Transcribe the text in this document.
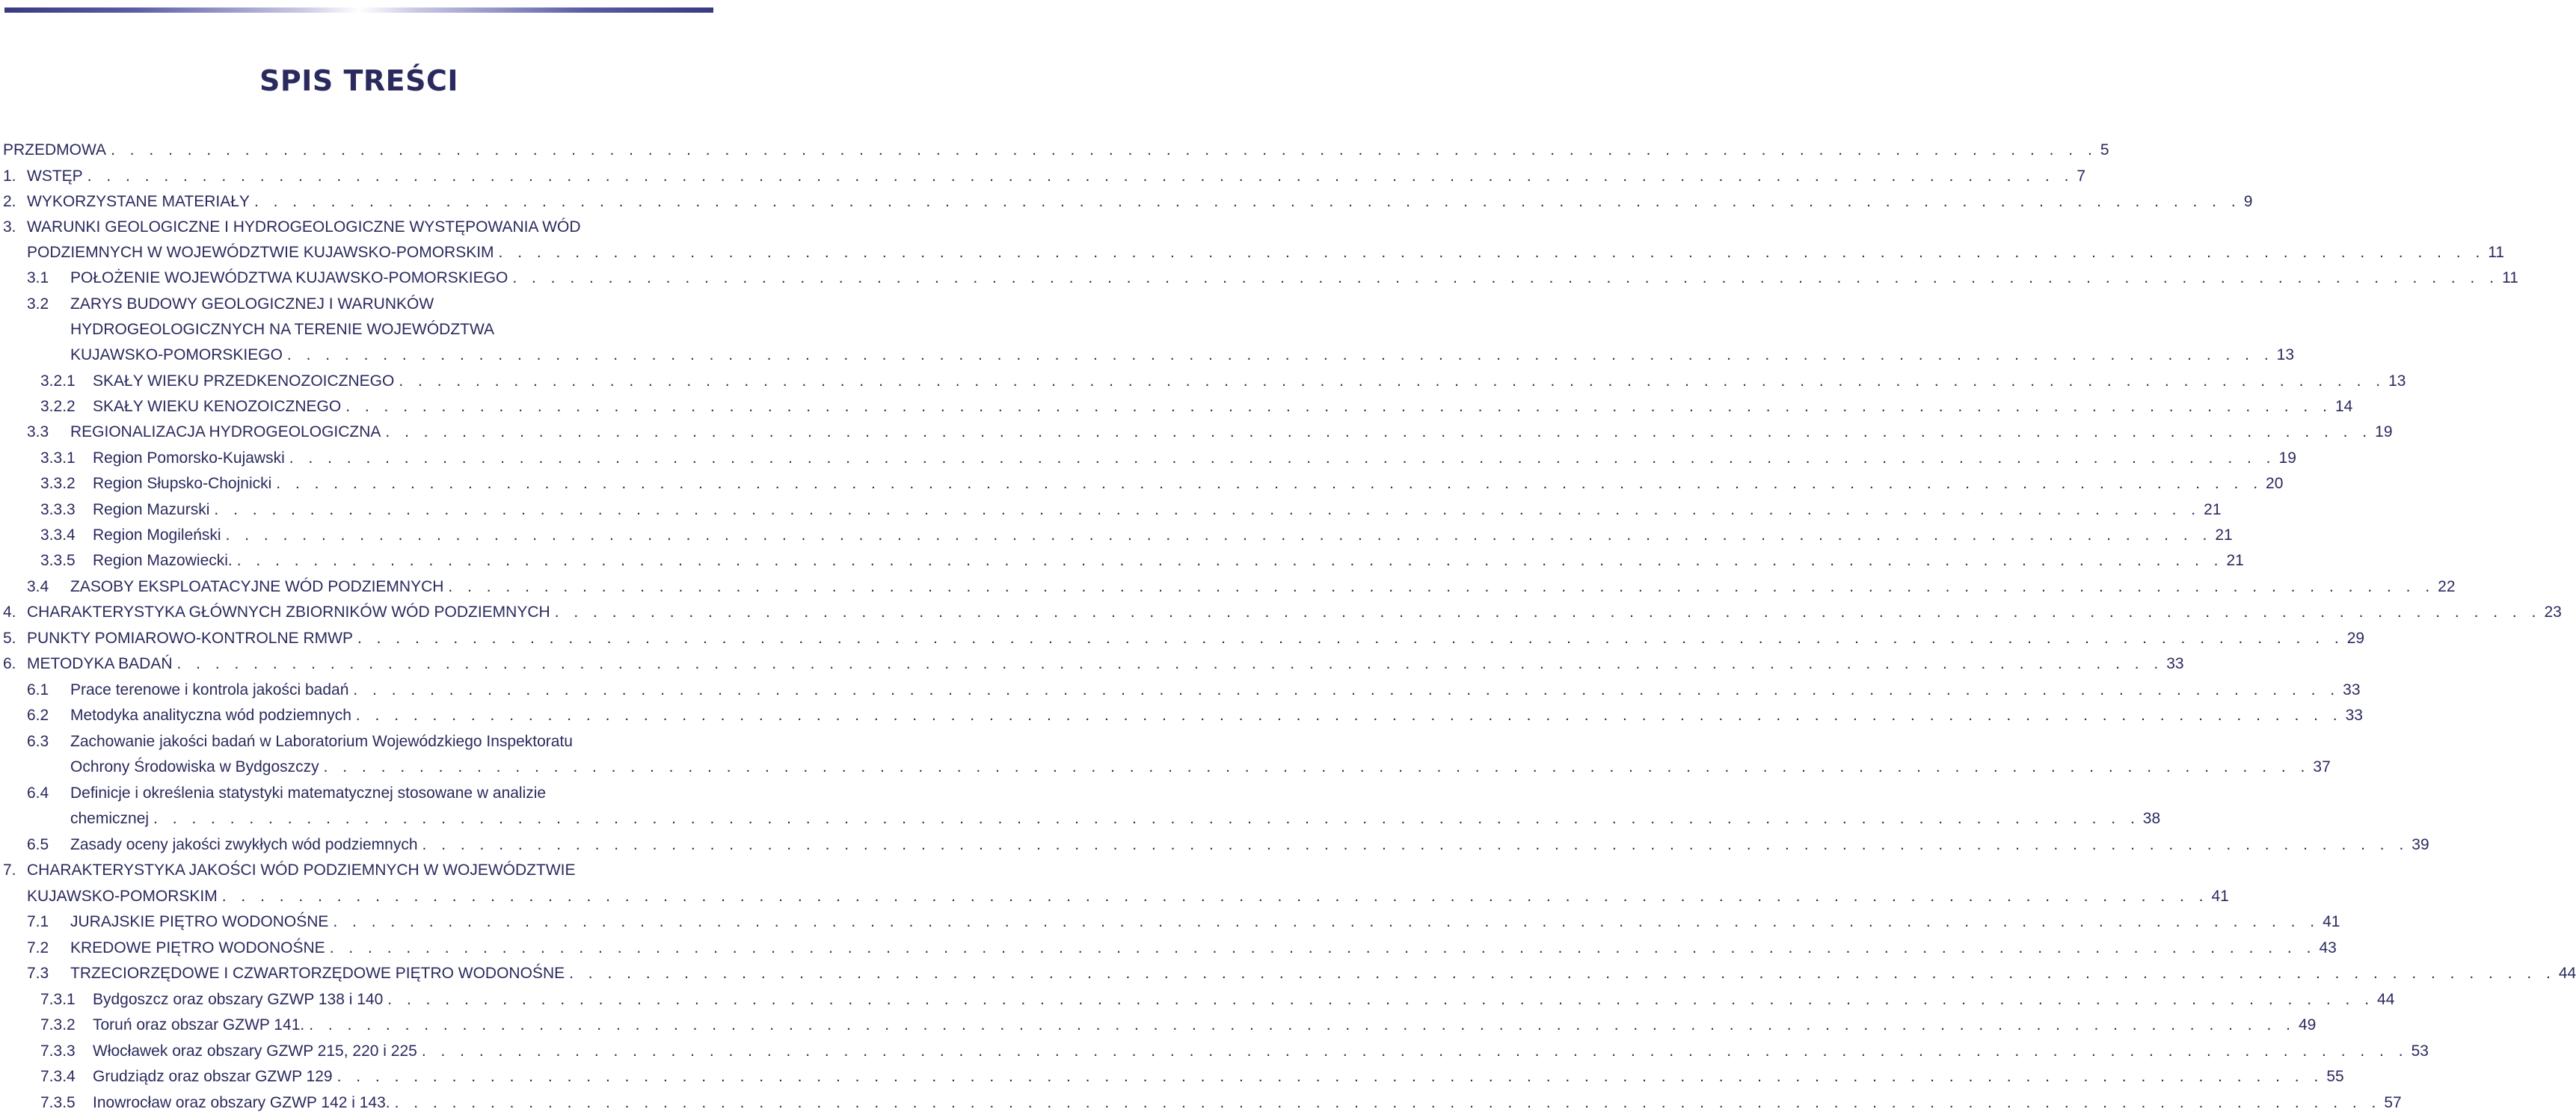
SPIS TREŚCI
PRZEDMOWA . . . . . . . . . . . . . . . . . . . . . . . . . . . . . . . . . . . . . . . . . . . . . . . . . . . . . . . . . . . . . . . . . . . . . . . . . . . . . . . . . . . . . . . . . . . . . . . . . . . . . . . . 5
1. WSTĘP . . . . . . . . . . . . . . . . . . . . . . . . . . . . . . . . . . . . . . . . . . . . . . . . . . . . . . . . . . . . . . . . . . . . . . . . . . . . . . . . . . . . . . . . . . . . . . . . . . . . . . . . 7
2. WYKORZYSTANE MATERIAŁY . . . . . . . . . . . . . . . . . . . . . . . . . . . . . . . . . . . . . . . . . . . . . . . . . . . . . . . . . . . . . . . . . . . . . . . . . . . . . . . . . . . . . . . . . . . . . . . . . . . . . . . . 9
3. WARUNKI GEOLOGICZNE I HYDROGEOLOGICZNE WYSTĘPOWANIA WÓD
PODZIEMNYCH W WOJEWÓDZTWIE KUJAWSKO-POMORSKIM . . . . . . . . . . . . . . . . . . . . . . . . . . . . . . . . . . . . . . . . . . . . . . . . . . . . . . . . . . . . . . . . . . . . . . . . . . . . . . . . . . . . . . . . . . . . . . . . . . . . . . . . 11
3.1	POŁOŻENIE WOJEWÓDZTWA KUJAWSKO-POMORSKIEGO . . . . . . . . . . . . . . . . . . . . . . . . . . . . . . . . . . . . . . . . . . . . . . . . . . . . . . . . . . . . . . . . . . . . . . . . . . . . . . . . . . . . . . . . . . . . . . . . . . . . . . . . 11
3.2	ZARYS BUDOWY GEOLOGICZNEJ I WARUNKÓW
HYDROGEOLOGICZNYCH NA TERENIE WOJEWÓDZTWA
KUJAWSKO-POMORSKIEGO . . . . . . . . . . . . . . . . . . . . . . . . . . . . . . . . . . . . . . . . . . . . . . . . . . . . . . . . . . . . . . . . . . . . . . . . . . . . . . . . . . . . . . . . . . . . . . . . . . . . . . . . 13
3.2.1	SKAŁY WIEKU PRZEDKENOZOICZNEGO . . . . . . . . . . . . . . . . . . . . . . . . . . . . . . . . . . . . . . . . . . . . . . . . . . . . . . . . . . . . . . . . . . . . . . . . . . . . . . . . . . . . . . . . . . . . . . . . . . . . . . . . 13
3.2.2	SKAŁY WIEKU KENOZOICZNEGO . . . . . . . . . . . . . . . . . . . . . . . . . . . . . . . . . . . . . . . . . . . . . . . . . . . . . . . . . . . . . . . . . . . . . . . . . . . . . . . . . . . . . . . . . . . . . . . . . . . . . . . . 14
3.3	REGIONALIZACJA HYDROGEOLOGICZNA . . . . . . . . . . . . . . . . . . . . . . . . . . . . . . . . . . . . . . . . . . . . . . . . . . . . . . . . . . . . . . . . . . . . . . . . . . . . . . . . . . . . . . . . . . . . . . . . . . . . . . . . 19
3.3.1	Region Pomorsko-Kujawski . . . . . . . . . . . . . . . . . . . . . . . . . . . . . . . . . . . . . . . . . . . . . . . . . . . . . . . . . . . . . . . . . . . . . . . . . . . . . . . . . . . . . . . . . . . . . . . . . . . . . . . . 19
3.3.2	Region Słupsko-Chojnicki . . . . . . . . . . . . . . . . . . . . . . . . . . . . . . . . . . . . . . . . . . . . . . . . . . . . . . . . . . . . . . . . . . . . . . . . . . . . . . . . . . . . . . . . . . . . . . . . . . . . . . . . 20
3.3.3	Region Mazurski . . . . . . . . . . . . . . . . . . . . . . . . . . . . . . . . . . . . . . . . . . . . . . . . . . . . . . . . . . . . . . . . . . . . . . . . . . . . . . . . . . . . . . . . . . . . . . . . . . . . . . . . 21
3.3.4	Region Mogileński . . . . . . . . . . . . . . . . . . . . . . . . . . . . . . . . . . . . . . . . . . . . . . . . . . . . . . . . . . . . . . . . . . . . . . . . . . . . . . . . . . . . . . . . . . . . . . . . . . . . . . . . 21
3.3.5	Region Mazowiecki. . . . . . . . . . . . . . . . . . . . . . . . . . . . . . . . . . . . . . . . . . . . . . . . . . . . . . . . . . . . . . . . . . . . . . . . . . . . . . . . . . . . . . . . . . . . . . . . . . . . . . . . . 21
3.4	ZASOBY EKSPLOATACYJNE WÓD PODZIEMNYCH . . . . . . . . . . . . . . . . . . . . . . . . . . . . . . . . . . . . . . . . . . . . . . . . . . . . . . . . . . . . . . . . . . . . . . . . . . . . . . . . . . . . . . . . . . . . . . . . . . . . . . . . 22
4. CHARAKTERYSTYKA GŁÓWNYCH ZBIORNIKÓW WÓD PODZIEMNYCH . . . . . . . . . . . . . . . . . . . . . . . . . . . . . . . . . . . . . . . . . . . . . . . . . . . . . . . . . . . . . . . . . . . . . . . . . . . . . . . . . . . . . . . . . . . . . . . . . . . . . . . . 23
5. PUNKTY POMIAROWO-KONTROLNE RMWP . . . . . . . . . . . . . . . . . . . . . . . . . . . . . . . . . . . . . . . . . . . . . . . . . . . . . . . . . . . . . . . . . . . . . . . . . . . . . . . . . . . . . . . . . . . . . . . . . . . . . . . . 29
6. METODYKA BADAŃ . . . . . . . . . . . . . . . . . . . . . . . . . . . . . . . . . . . . . . . . . . . . . . . . . . . . . . . . . . . . . . . . . . . . . . . . . . . . . . . . . . . . . . . . . . . . . . . . . . . . . . . . 33
6.1	Prace terenowe i kontrola jakości badań . . . . . . . . . . . . . . . . . . . . . . . . . . . . . . . . . . . . . . . . . . . . . . . . . . . . . . . . . . . . . . . . . . . . . . . . . . . . . . . . . . . . . . . . . . . . . . . . . . . . . . . . 33
6.2	Metodyka analityczna wód podziemnych . . . . . . . . . . . . . . . . . . . . . . . . . . . . . . . . . . . . . . . . . . . . . . . . . . . . . . . . . . . . . . . . . . . . . . . . . . . . . . . . . . . . . . . . . . . . . . . . . . . . . . . . 33
6.3	Zachowanie jakości badań w Laboratorium Wojewódzkiego Inspektoratu
Ochrony Środowiska w Bydgoszczy . . . . . . . . . . . . . . . . . . . . . . . . . . . . . . . . . . . . . . . . . . . . . . . . . . . . . . . . . . . . . . . . . . . . . . . . . . . . . . . . . . . . . . . . . . . . . . . . . . . . . . . . 37
6.4	Definicje i określenia statystyki matematycznej stosowane w analizie
chemicznej . . . . . . . . . . . . . . . . . . . . . . . . . . . . . . . . . . . . . . . . . . . . . . . . . . . . . . . . . . . . . . . . . . . . . . . . . . . . . . . . . . . . . . . . . . . . . . . . . . . . . . . . 38
6.5	Zasady oceny jakości zwykłych wód podziemnych . . . . . . . . . . . . . . . . . . . . . . . . . . . . . . . . . . . . . . . . . . . . . . . . . . . . . . . . . . . . . . . . . . . . . . . . . . . . . . . . . . . . . . . . . . . . . . . . . . . . . . . . 39
7. CHARAKTERYSTYKA JAKOŚCI WÓD PODZIEMNYCH W WOJEWÓDZTWIE
KUJAWSKO-POMORSKIM . . . . . . . . . . . . . . . . . . . . . . . . . . . . . . . . . . . . . . . . . . . . . . . . . . . . . . . . . . . . . . . . . . . . . . . . . . . . . . . . . . . . . . . . . . . . . . . . . . . . . . . . 41
7.1	JURAJSKIE PIĘTRO WODONOŚNE . . . . . . . . . . . . . . . . . . . . . . . . . . . . . . . . . . . . . . . . . . . . . . . . . . . . . . . . . . . . . . . . . . . . . . . . . . . . . . . . . . . . . . . . . . . . . . . . . . . . . . . . 41
7.2	KREDOWE PIĘTRO WODONOŚNE . . . . . . . . . . . . . . . . . . . . . . . . . . . . . . . . . . . . . . . . . . . . . . . . . . . . . . . . . . . . . . . . . . . . . . . . . . . . . . . . . . . . . . . . . . . . . . . . . . . . . . . . 43
7.3	TRZECIORZĘDOWE I CZWARTORZĘDOWE PIĘTRO WODONOŚNE . . . . . . . . . . . . . . . . . . . . . . . . . . . . . . . . . . . . . . . . . . . . . . . . . . . . . . . . . . . . . . . . . . . . . . . . . . . . . . . . . . . . . . . . . . . . . . . . . . . . . . . . 44
7.3.1	Bydgoszcz oraz obszary GZWP 138 i 140 . . . . . . . . . . . . . . . . . . . . . . . . . . . . . . . . . . . . . . . . . . . . . . . . . . . . . . . . . . . . . . . . . . . . . . . . . . . . . . . . . . . . . . . . . . . . . . . . . . . . . . . . 44
7.3.2	Toruń oraz obszar GZWP 141. . . . . . . . . . . . . . . . . . . . . . . . . . . . . . . . . . . . . . . . . . . . . . . . . . . . . . . . . . . . . . . . . . . . . . . . . . . . . . . . . . . . . . . . . . . . . . . . . . . . . . . . . 49
7.3.3	Włocławek oraz obszary GZWP 215, 220 i 225 . . . . . . . . . . . . . . . . . . . . . . . . . . . . . . . . . . . . . . . . . . . . . . . . . . . . . . . . . . . . . . . . . . . . . . . . . . . . . . . . . . . . . . . . . . . . . . . . . . . . . . . . 53
7.3.4	Grudziądz oraz obszar GZWP 129 . . . . . . . . . . . . . . . . . . . . . . . . . . . . . . . . . . . . . . . . . . . . . . . . . . . . . . . . . . . . . . . . . . . . . . . . . . . . . . . . . . . . . . . . . . . . . . . . . . . . . . . . 55
7.3.5	Inowrocław oraz obszary GZWP 142 i 143. . . . . . . . . . . . . . . . . . . . . . . . . . . . . . . . . . . . . . . . . . . . . . . . . . . . . . . . . . . . . . . . . . . . . . . . . . . . . . . . . . . . . . . . . . . . . . . . . . . . . . . . . 57
